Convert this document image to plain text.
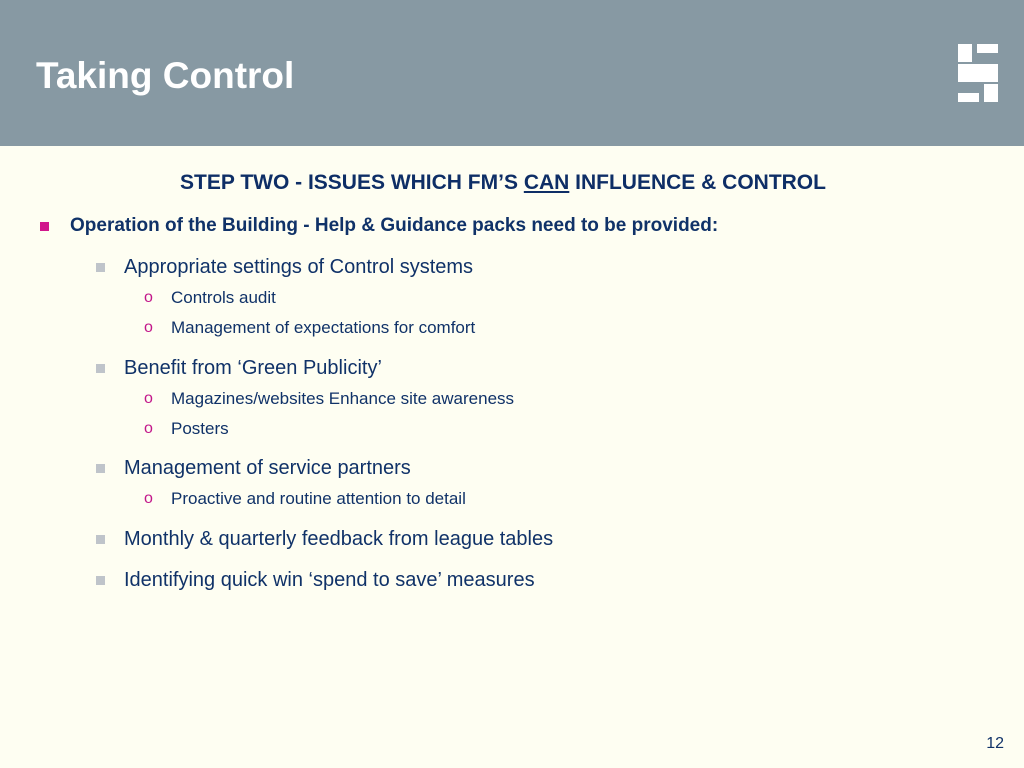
Taking Control
STEP TWO - ISSUES WHICH FM’S CAN INFLUENCE & CONTROL
Operation of the Building - Help & Guidance packs need to be provided:
Appropriate settings of Control systems
o Controls audit
o Management of expectations for comfort
Benefit from ‘Green Publicity’
o Magazines/websites Enhance site awareness
o Posters
Management of service partners
o Proactive and routine attention to detail
Monthly & quarterly feedback from league tables
Identifying quick win ‘spend to save’ measures
12
